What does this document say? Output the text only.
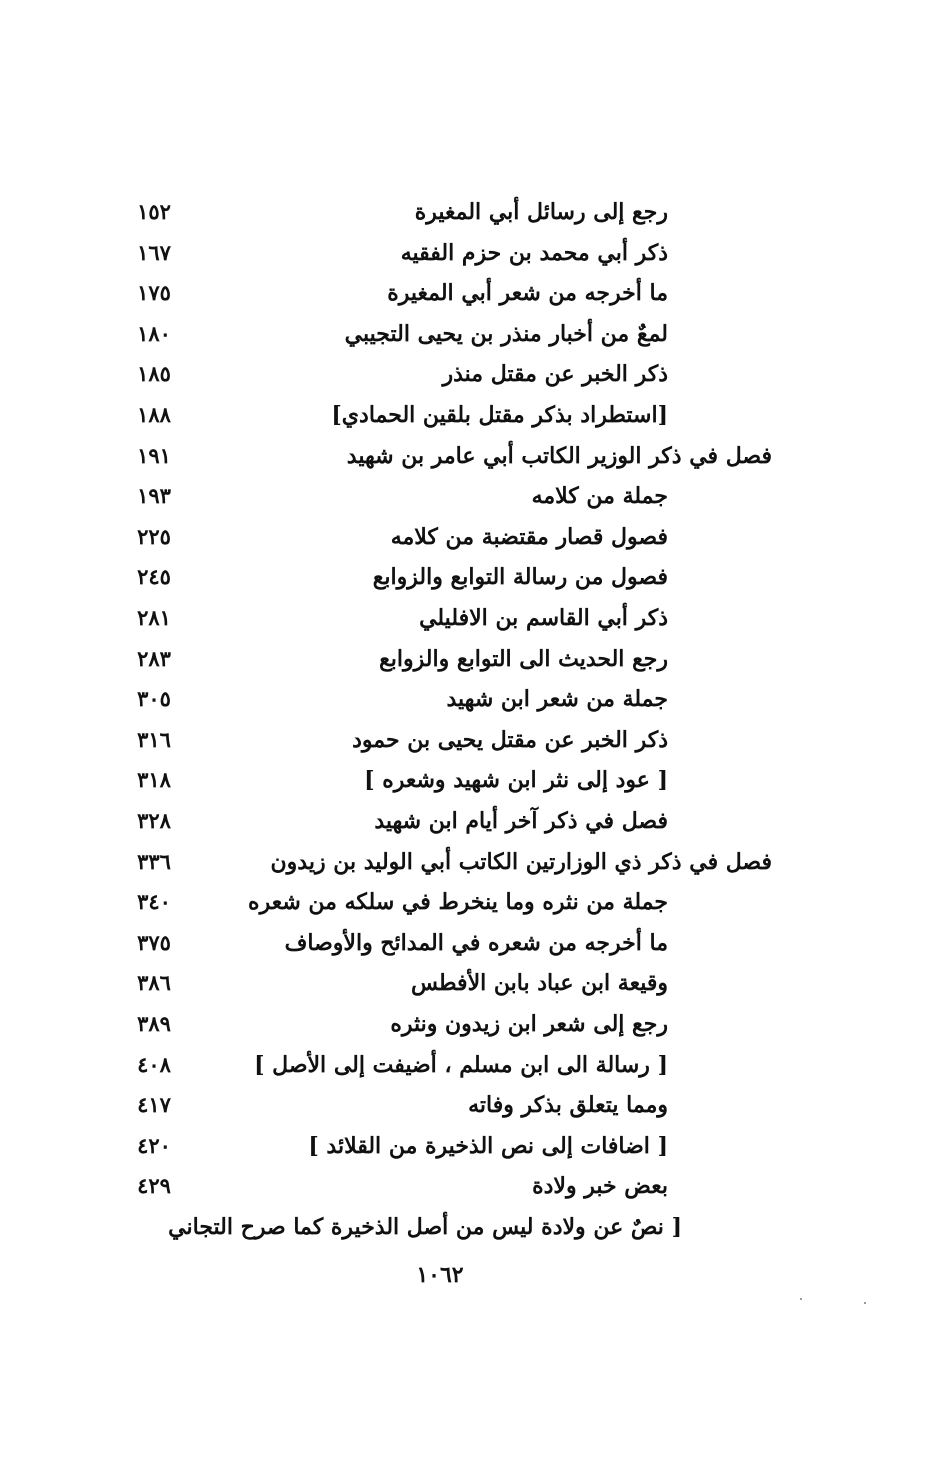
رجع إلى رسائل أبي المغيرة
١٥٢
ذكر أبي محمد بن حزم الفقيه
١٦٧
ما أخرجه من شعر أبي المغيرة
١٧٥
لمعٌ من أخبار منذر بن يحيى التجيبي
١٨٠
ذكر الخبر عن مقتل منذر
١٨٥
[استطراد بذكر مقتل بلقين الحمادي]
١٨٨
فصل في ذكر الوزير الكاتب أبي عامر بن شهيد
١٩١
جملة من كلامه
١٩٣
فصول قصار مقتضبة من كلامه
٢٢٥
فصول من رسالة التوابع والزوابع
٢٤٥
ذكر أبي القاسم بن الافليلي
٢٨١
رجع الحديث الى التوابع والزوابع
٢٨٣
جملة من شعر ابن شهيد
٣٠٥
ذكر الخبر عن مقتل يحيى بن حمود
٣١٦
[ عود إلى نثر ابن شهيد وشعره ]
٣١٨
فصل في ذكر آخر أيام ابن شهيد
٣٢٨
فصل في ذكر ذي الوزارتين الكاتب أبي الوليد بن زيدون
٣٣٦
جملة من نثره وما ينخرط في سلكه من شعره
٣٤٠
ما أخرجه من شعره في المدائح والأوصاف
٣٧٥
وقيعة ابن عباد بابن الأفطس
٣٨٦
رجع إلى شعر ابن زيدون ونثره
٣٨٩
[ رسالة الى ابن مسلم ، أضيفت إلى الأصل ]
٤٠٨
ومما يتعلق بذكر وفاته
٤١٧
[ اضافات إلى نص الذخيرة من القلائد ]
٤٢٠
بعض خبر ولادة
٤٢٩
[ نصٌ عن ولادة ليس من أصل الذخيرة كما صرح التجاني
١٠٦٢
